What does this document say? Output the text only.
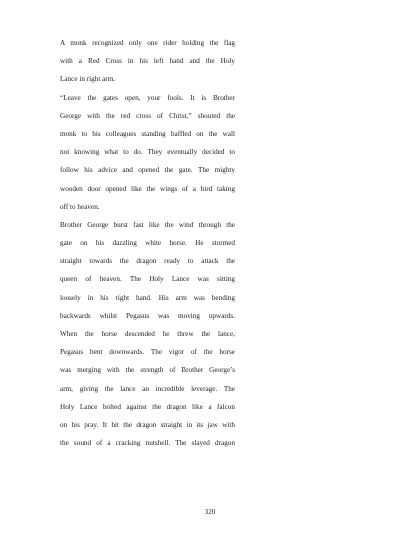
A monk recognized only one rider holding the flag
with a Red Cross in his left hand and the Holy
Lance in right arm.
“Leave the gates open, your fools. It is Brother
George with the red cross of Christ,” shouted the
monk to his colleagues standing baffled on the wall
not knowing what to do. They eventually decided to
follow his advice and opened the gate. The mighty
wooden door opened like the wings of a bird taking
off to heaven.
Brother George burst fast like the wind through the
gate on his dazzling white horse. He stormed
straight towards the dragon ready to attack the
queen of heaven. The Holy Lance was sitting
loosely in his right hand. His arm was bending
backwards whilst Pegasus was moving upwards.
When the horse descended he threw the lance,
Pegasus bent downwards. The vigor of the horse
was merging with the strength of Brother George’s
arm, giving the lance an incredible leverage. The
Holy Lance bolted against the dragon like a falcon
on his pray. It hit the dragon straight in its jaw with
the sound of a cracking nutshell. The slayed dragon
320
